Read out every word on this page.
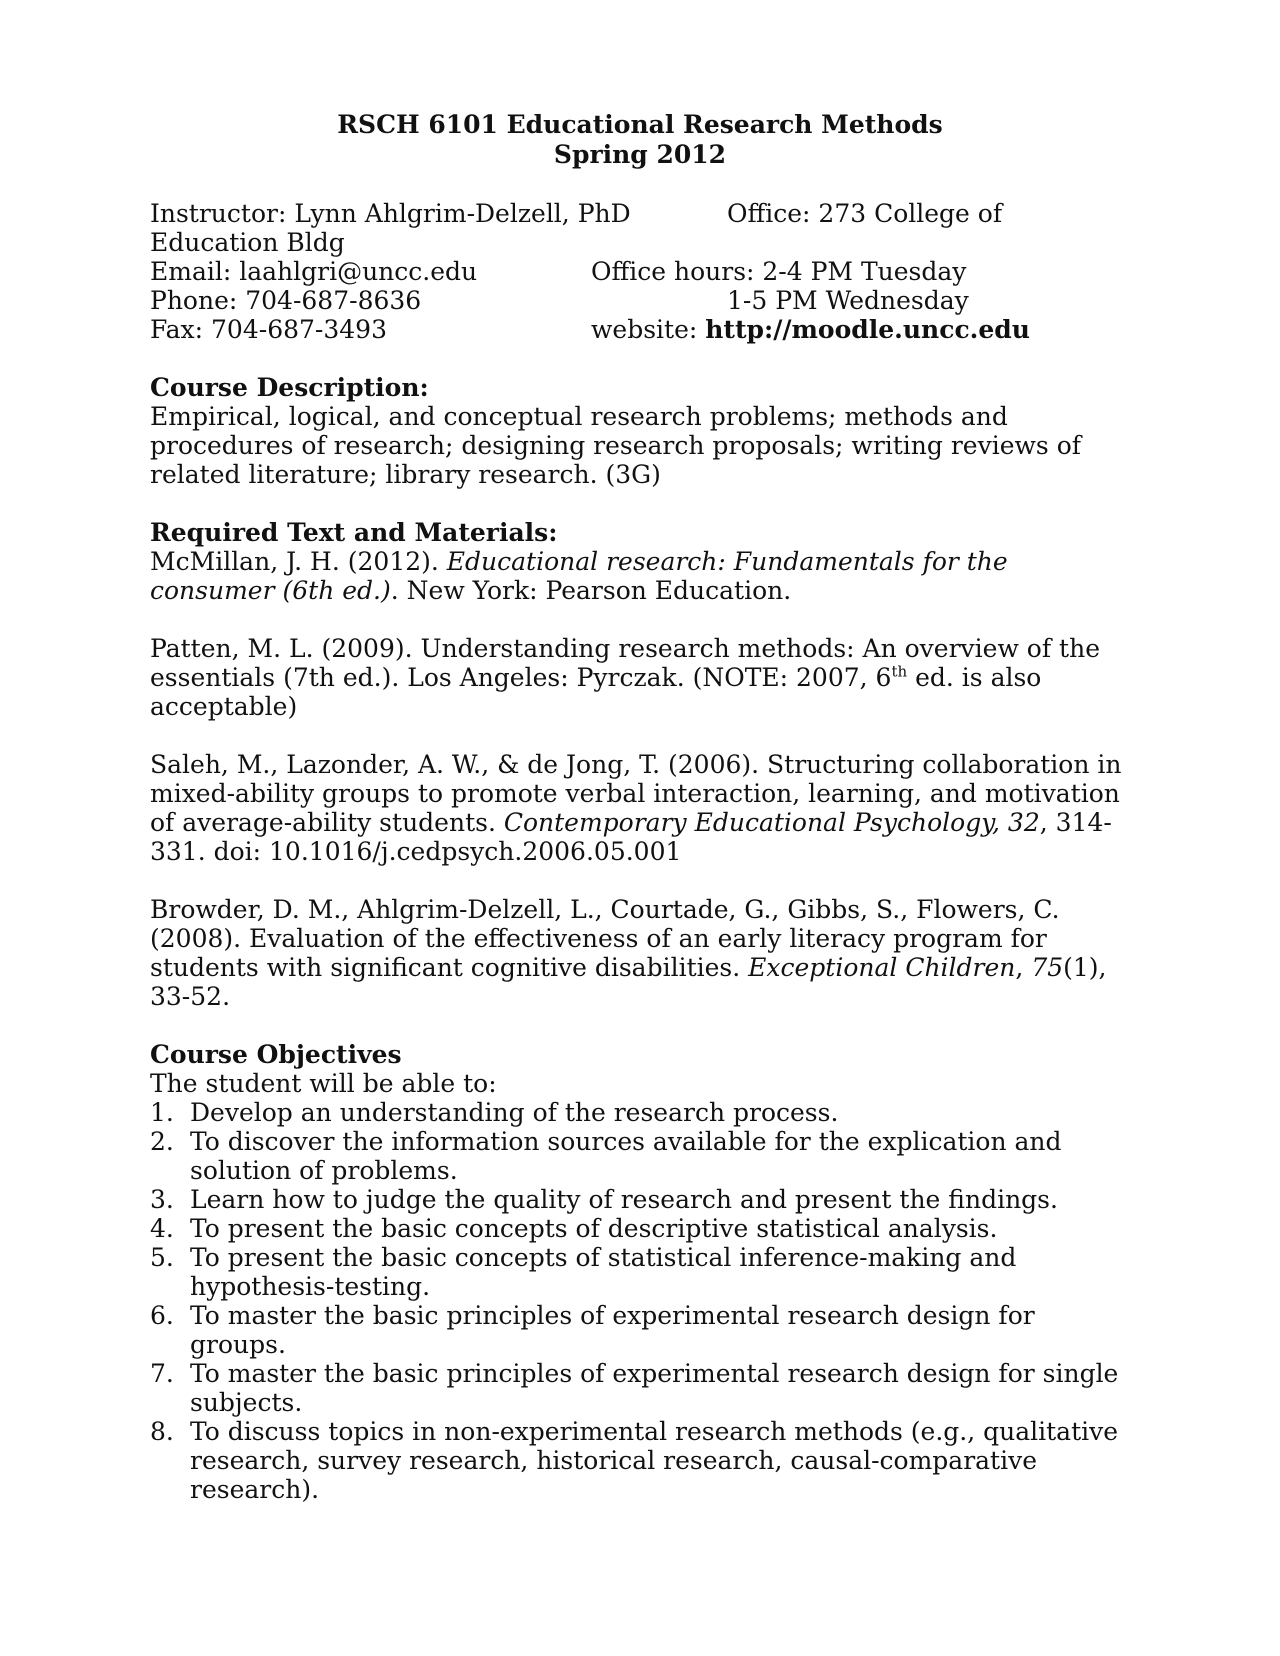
RSCH 6101 Educational Research Methods
Spring 2012
Instructor: Lynn Ahlgrim-Delzell, PhD	Office: 273 College of
Education Bldg
Email: laahlgri@uncc.edu	Office hours: 2-4 PM Tuesday
Phone: 704-687-8636	1-5 PM Wednesday
Fax: 704-687-3493	website: http://moodle.uncc.edu
Course Description:
Empirical, logical, and conceptual research problems; methods and procedures of research; designing research proposals; writing reviews of related literature; library research. (3G)
Required Text and Materials:
McMillan, J. H. (2012). Educational research: Fundamentals for the consumer (6th ed.). New York: Pearson Education.
Patten, M. L. (2009). Understanding research methods: An overview of the essentials (7th ed.). Los Angeles: Pyrczak. (NOTE: 2007, 6th ed. is also acceptable)
Saleh, M., Lazonder, A. W., & de Jong, T. (2006). Structuring collaboration in mixed-ability groups to promote verbal interaction, learning, and motivation of average-ability students. Contemporary Educational Psychology, 32, 314-331. doi: 10.1016/j.cedpsych.2006.05.001
Browder, D. M., Ahlgrim-Delzell, L., Courtade, G., Gibbs, S., Flowers, C. (2008). Evaluation of the effectiveness of an early literacy program for students with significant cognitive disabilities. Exceptional Children, 75(1), 33-52.
Course Objectives
The student will be able to:
1. Develop an understanding of the research process.
2. To discover the information sources available for the explication and solution of problems.
3. Learn how to judge the quality of research and present the findings.
4. To present the basic concepts of descriptive statistical analysis.
5. To present the basic concepts of statistical inference-making and hypothesis-testing.
6. To master the basic principles of experimental research design for groups.
7. To master the basic principles of experimental research design for single subjects.
8. To discuss topics in non-experimental research methods (e.g., qualitative research, survey research, historical research, causal-comparative research).
